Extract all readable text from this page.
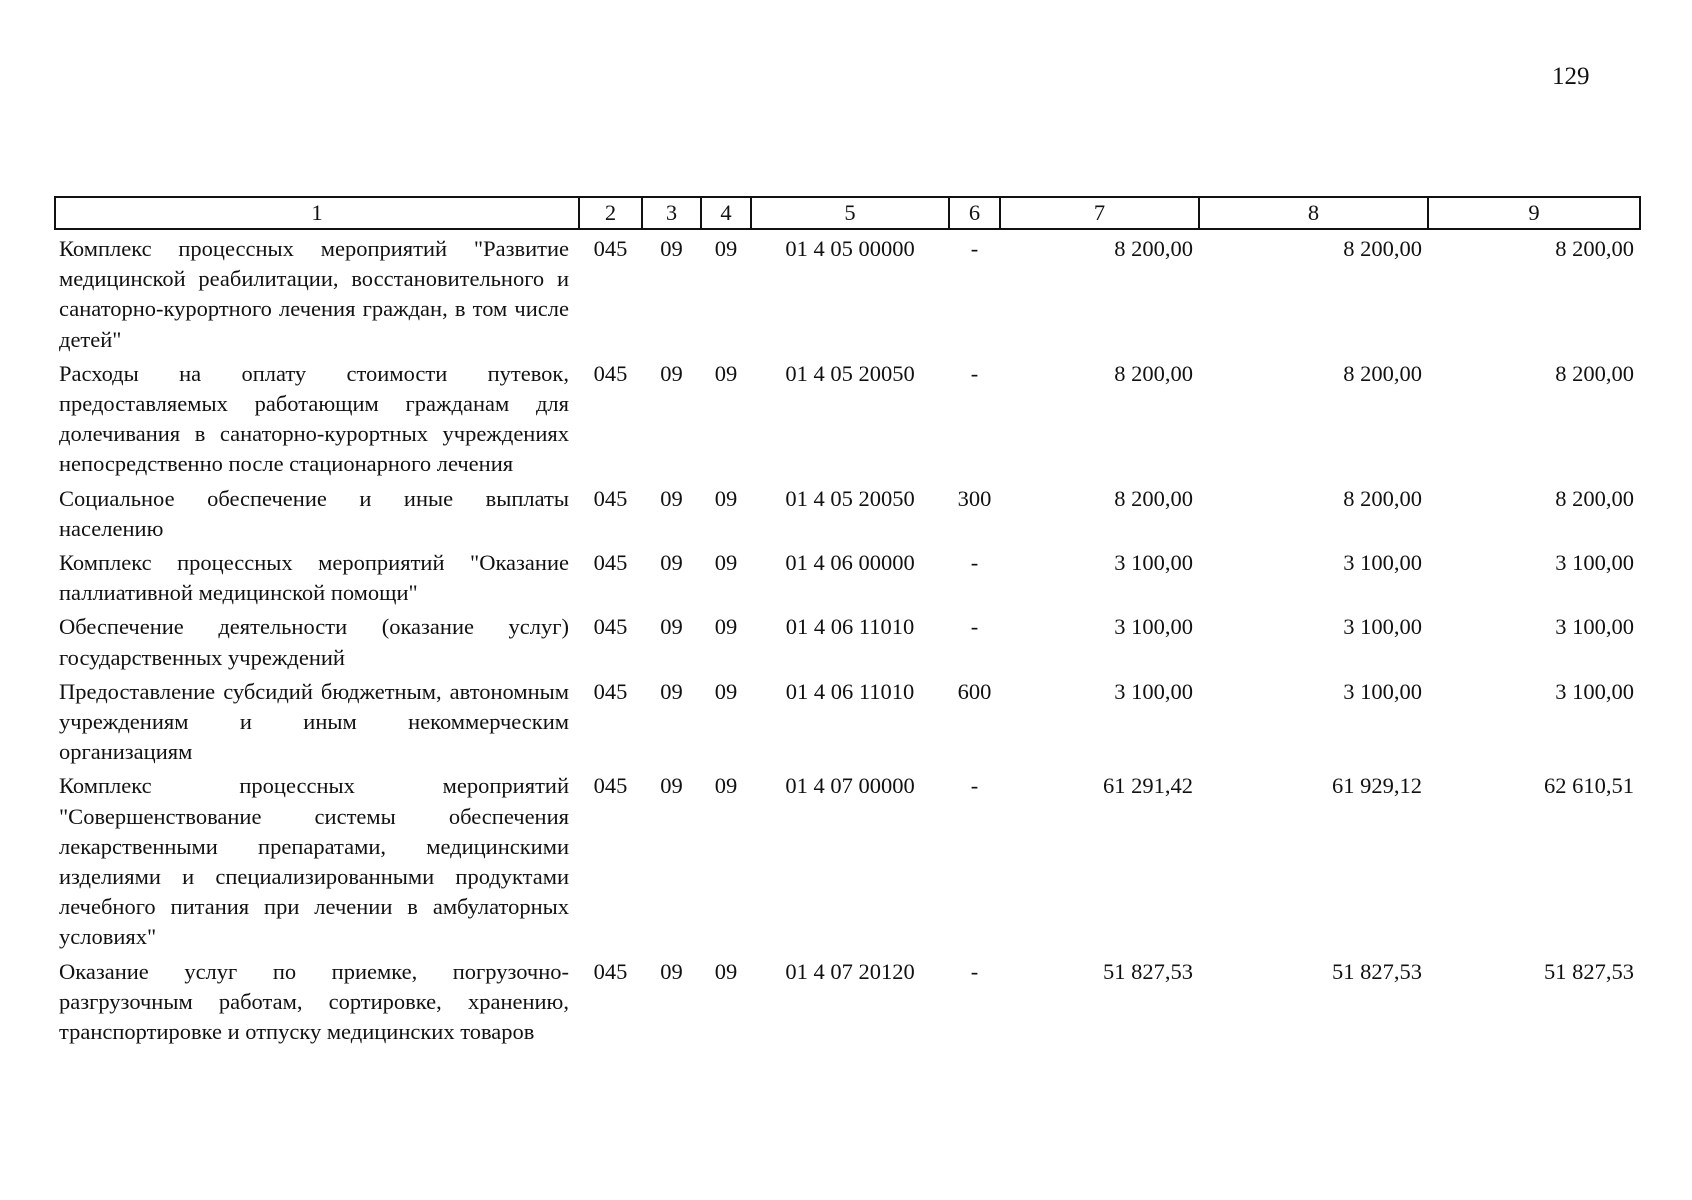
129
1	2	3	4	5	6	7	8	9
Комплекс процессных мероприятий "Развитие медицинской реабилитации, восстановительного и санаторно-курортного лечения граждан, в том числе детей"	045	09	09	01 4 05 00000	-	8 200,00	8 200,00	8 200,00
Расходы на оплату стоимости путевок, предоставляемых работающим гражданам для долечивания в санаторно-курортных учреждениях непосредственно после стационарного лечения	045	09	09	01 4 05 20050	-	8 200,00	8 200,00	8 200,00
Социальное обеспечение и иные выплаты населению	045	09	09	01 4 05 20050	300	8 200,00	8 200,00	8 200,00
Комплекс процессных мероприятий "Оказание паллиативной медицинской помощи"	045	09	09	01 4 06 00000	-	3 100,00	3 100,00	3 100,00
Обеспечение деятельности (оказание услуг) государственных учреждений	045	09	09	01 4 06 11010	-	3 100,00	3 100,00	3 100,00
Предоставление субсидий бюджетным, автономным учреждениям и иным некоммерческим организациям	045	09	09	01 4 06 11010	600	3 100,00	3 100,00	3 100,00
Комплекс процессных мероприятий "Совершенствование системы обеспечения лекарственными препаратами, медицинскими изделиями и специализированными продуктами лечебного питания при лечении в амбулаторных условиях"	045	09	09	01 4 07 00000	-	61 291,42	61 929,12	62 610,51
Оказание услуг по приемке, погрузочно-разгрузочным работам, сортировке, хранению, транспортировке и отпуску медицинских товаров	045	09	09	01 4 07 20120	-	51 827,53	51 827,53	51 827,53
